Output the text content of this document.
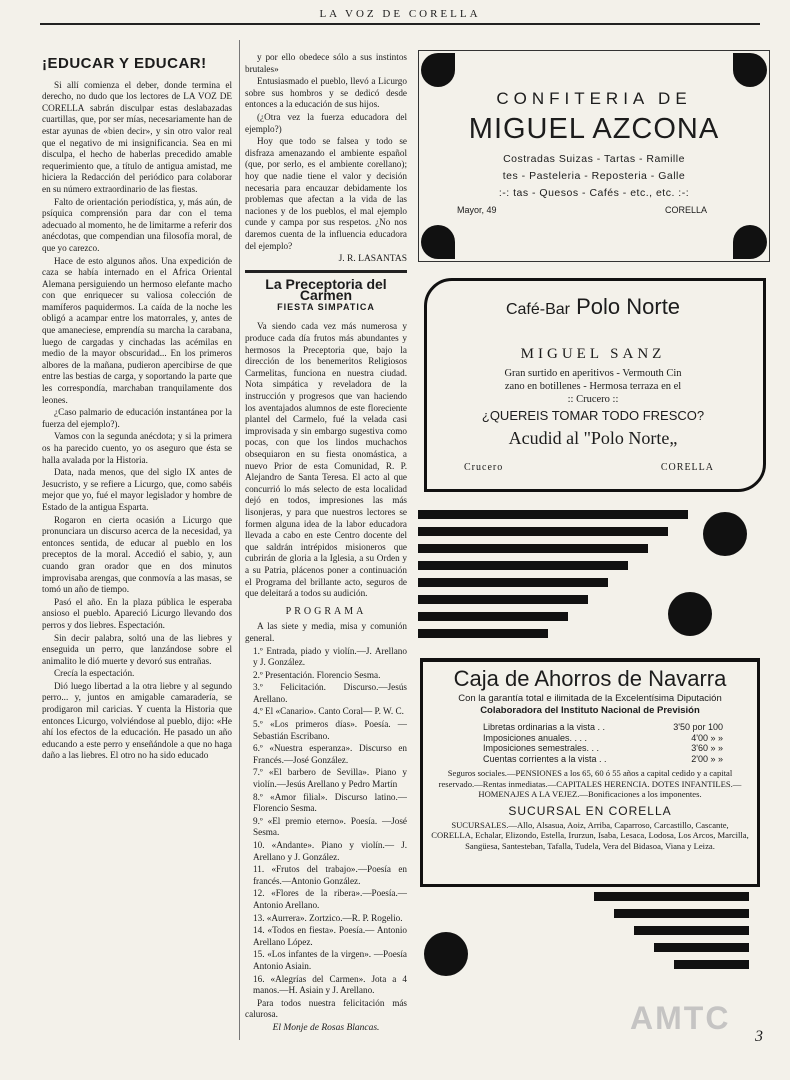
LA VOZ DE CORELLA
¡EDUCAR Y EDUCAR!

Si allí comienza el deber, donde termina el derecho, no dudo que los lectores de LA VOZ DE CORELLA sabrán disculpar estas deslabazadas cuartillas, que, por ser mías, necesariamente han de estar ayunas de «bien decir», y sin otro valor real que el negativo de mi insignificancia. Sea en mi disculpa, el hecho de haberlas precedido amable requerimiento que, a título de antigua amistad, me hiciera la Redacción del periódico para colaborar en su número extraordinario de las fiestas.

Falto de orientación periodística, y, más aún, de psíquica comprensión para dar con el tema adecuado al momento, he de limitarme a referir dos anécdotas, que compendian una filosofía moral, de que yo carezco.

Hace de esto algunos años. Una expedición de caza se había internado en el Africa Oriental Alemana persiguiendo un hermoso elefante macho con que enriquecer su valiosa colección de mamíferos paquidermos. La caída de la noche les obligó a acampar entre los matorrales, y, antes de que amaneciese, emprendía su marcha la carabana, luego de cargadas y cinchadas las acémilas en medio de la mayor obscuridad... En los primeros albores de la mañana, pudieron apercibirse de que entre las bestias de carga, y soportando la parte que les correspondía, marchaban tranquilamente dos leones.

¿Caso palmario de educación instantánea por la fuerza del ejemplo?).

Vamos con la segunda anécdota; y si la primera os ha parecido cuento, yo os aseguro que ésta se halla avalada por la Historia.

Data, nada menos, que del siglo IX antes de Jesucristo, y se refiere a Licurgo, que, como sabéis mejor que yo, fué el mayor legislador y hombre de Estado de la antigua Esparta.

Rogaron en cierta ocasión a Licurgo que pronunciara un discurso acerca de la necesidad, ya entonces sentida, de educar al pueblo en los preceptos de la moral. Accedió el sabio, y, aun cuando gran orador que en dos minutos improvisaba arengas, que conmovía a las masas, se tomó un año de tiempo.

Pasó el año. En la plaza pública le esperaba ansioso el pueblo. Apareció Licurgo llevando dos perros y dos liebres. Espectación.

Sin decir palabra, soltó una de las liebres y enseguida un perro, que lanzándose sobre el animalito le dió muerte y devoró sus entrañas.

Crecía la espectación.

Dió luego libertad a la otra liebre y al segundo perro... y, juntos en amigable camaradería, se prodigaron mil caricias. Y cuenta la Historia que entonces Licurgo, volviéndose al pueblo, dijo: «He ahí los efectos de la educación. He pasado un año educando a este perro y enseñándole a que no haga daño a las liebres. El otro no ha sido educado

y por ello obedece sólo a sus instintos brutales»

Entusiasmado el pueblo, llevó a Licurgo sobre sus hombros y se dedicó desde entonces a la educación de sus hijos.

(¿Otra vez la fuerza educadora del ejemplo?)

Hoy que todo se falsea y todo se disfraza amenazando el ambiente español (que, por serlo, es el ambiente corellano); hoy que nadie tiene el valor y decisión necesaria para encauzar debidamente los problemas que afectan a la vida de las naciones y de los pueblos, el mal ejemplo cunde y campa por sus respetos. ¿No nos daremos cuenta de la influencia educadora del ejemplo?

J. R. LASANTAS
La Preceptoria del Carmen
FIESTA SIMPATICA

Va siendo cada vez más numerosa y produce cada día frutos más abundantes y hermosos la Preceptoria que, bajo la dirección de los benemeritos Religiosos Carmelitas, funciona en nuestra ciudad. Nota simpática y reveladora de la instrucción y progresos que van haciendo los aventajados alumnos de este floreciente plantel del Carmelo, fué la velada casi improvisada y sin embargo sugestiva como pocas, con que los lindos muchachos obsequiaron en su fiesta onomástica, a nuevo Prior de esta Comunidad, R. P. Alejandro de Santa Teresa. El acto al que concurrió lo más selecto de esta localidad dejó en todos, impresiones las más lisonjeras, y para que nuestros lectores se formen alguna idea de la labor educadora llevada a cabo en este Centro docente del que saldrán intrépidos misioneros que cubrirán de gloria a la Iglesia, a su Orden y a su Patria, plácenos poner a continuación el Programa del brillante acto, seguros de que deleitará a todos su audición.

PROGRAMA

A las siete y media, misa y comunión general.

1.º Entrada, piado y violín.—J. Arellano y J. González.

2.º Presentación. Florencio Sesma.

3.º Felicitación. Discurso.—Jesús Arellano.

4.º El «Canario». Canto Coral— P. W. C.

5.º «Los primeros días». Poesía. —Sebastián Escribano.

6.º «Nuestra esperanza». Discurso en Francés.—José González.

7.º «El barbero de Sevilla». Piano y violín.—Jesús Arellano y Pedro Martín

8.º «Amor filial». Discurso latino.—Florencio Sesma.

9.º «El premio eterno». Poesía. —José Sesma.

10. «Andante». Piano y violín.— J. Arellano y J. González.

11. «Frutos del trabajo».—Poesía en francés.—Antonio González.

12. «Flores de la ribera».—Poesía.—Antonio Arellano.

13. «Aurrera». Zortzico.—R. P. Rogelio.

14. «Todos en fiesta». Poesía.— Antonio Arellano López.

15. «Los infantes de la virgen». —Poesía Antonio Asiain.

16. «Alegrías del Carmen». Jota a 4 manos.—H. Asiain y J. Arellano.

Para todos nuestra felicitación más calurosa.

El Monje de Rosas Blancas.
CONFITERIA DE
MIGUEL AZCONA
Costradas Suizas - Tartas - Ramille
tes - Pasteleria - Reposteria - Galle
:-: tas - Quesos - Cafés - etc., etc. :-:
Mayor, 49	CORELLA
Café-Bar Polo Norte
MIGUEL SANZ
Gran surtido en aperitivos - Vermouth Cin
zano en botillenes - Hermosa terraza en el
:: Crucero ::
¿QUEREIS TOMAR TODO FRESCO?
Acudid al "Polo Norte„
Crucero	CORELLA
Caja de Ahorros de Navarra
Con la garantía total e ilimitada de la Excelentísima Diputación
Colaboradora del Instituto Nacional de Previsión
Libretas ordinarias a la vista . .	3'50 por 100
Imposiciones anuales. . . .	4'00 » »
Imposiciones semestrales. . .	3'60 » »
Cuentas corrientes a la vista . .	2'00 » »
Seguros sociales.—PENSIONES a los 65, 60 ó 55 años a capital cedido y a capital reservado.—Rentas inmediatas.—CAPITALES HERENCIA. DOTES INFANTILES.—HOMENAJES A LA VEJEZ.—Bonificaciones a los imponentes.
SUCURSAL EN CORELLA
SUCURSALES.—Allo, Alsasua, Aoiz, Arriba, Caparroso, Carcastillo, Cascante, CORELLA, Echalar, Elizondo, Estella, Irurzun, Isaba, Lesaca, Lodosa, Los Arcos, Marcilla, Sangüesa, Santesteban, Tafalla, Tudela, Vera del Bidasoa, Viana y Leiza.
AMTC
3
